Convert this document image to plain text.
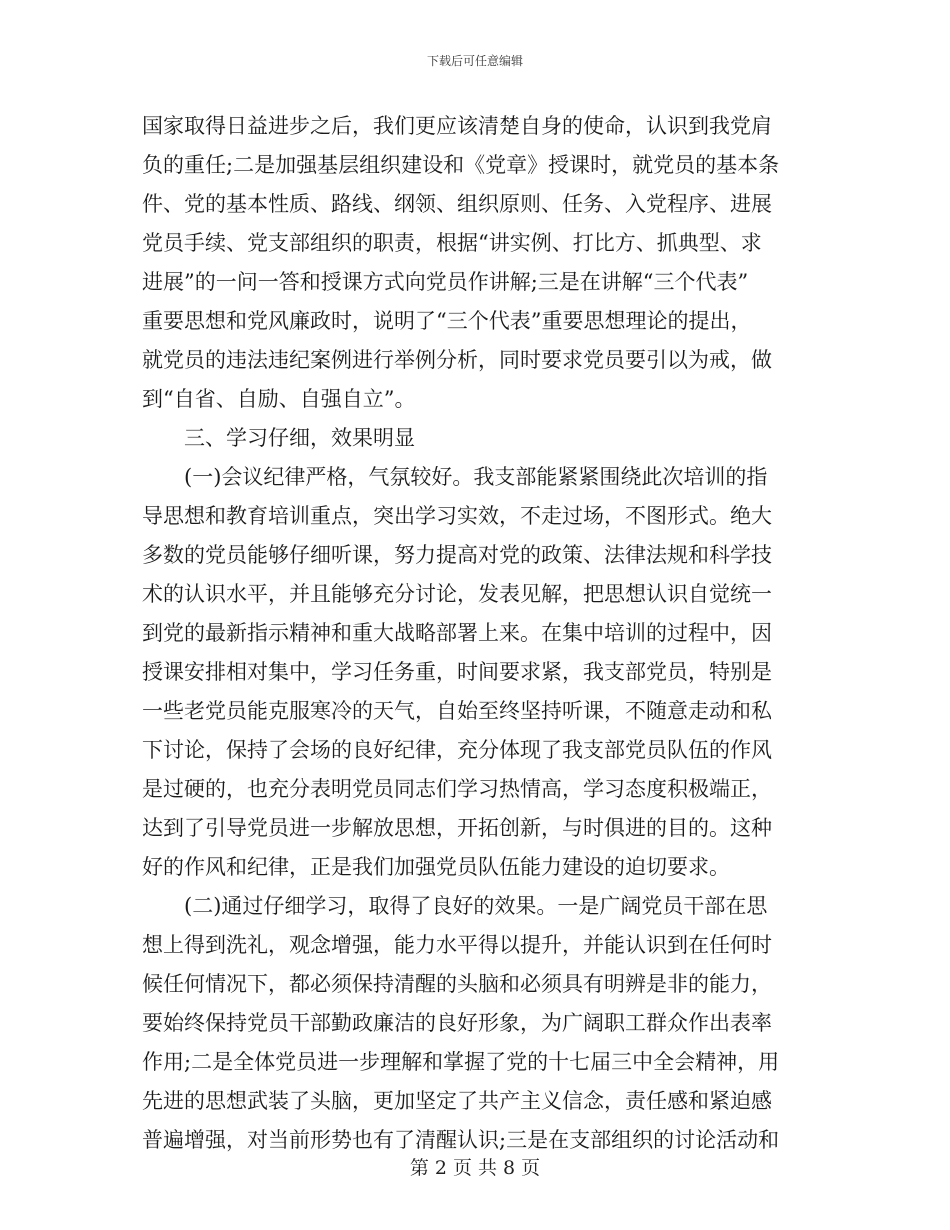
下载后可任意编辑
国家取得日益进步之后，我们更应该清楚自身的使命，认识到我党肩
负的重任;二是加强基层组织建设和《党章》授课时，就党员的基本条
件、党的基本性质、路线、纲领、组织原则、任务、入党程序、进展
党员手续、党支部组织的职责，根据“讲实例、打比方、抓典型、求
进展”的一问一答和授课方式向党员作讲解;三是在讲解“三个代表”
重要思想和党风廉政时，说明了“三个代表”重要思想理论的提出，
就党员的违法违纪案例进行举例分析，同时要求党员要引以为戒，做
到“自省、自励、自强自立”。
三、学习仔细，效果明显
(一)会议纪律严格，气氛较好。我支部能紧紧围绕此次培训的指
导思想和教育培训重点，突出学习实效，不走过场，不图形式。绝大
多数的党员能够仔细听课，努力提高对党的政策、法律法规和科学技
术的认识水平，并且能够充分讨论，发表见解，把思想认识自觉统一
到党的最新指示精神和重大战略部署上来。在集中培训的过程中，因
授课安排相对集中，学习任务重，时间要求紧，我支部党员，特别是
一些老党员能克服寒冷的天气，自始至终坚持听课，不随意走动和私
下讨论，保持了会场的良好纪律，充分体现了我支部党员队伍的作风
是过硬的，也充分表明党员同志们学习热情高，学习态度积极端正，
达到了引导党员进一步解放思想，开拓创新，与时俱进的目的。这种
好的作风和纪律，正是我们加强党员队伍能力建设的迫切要求。
(二)通过仔细学习，取得了良好的效果。一是广阔党员干部在思
想上得到洗礼，观念增强，能力水平得以提升，并能认识到在任何时
候任何情况下，都必须保持清醒的头脑和必须具有明辨是非的能力，
要始终保持党员干部勤政廉洁的良好形象，为广阔职工群众作出表率
作用;二是全体党员进一步理解和掌握了党的十七届三中全会精神，用
先进的思想武装了头脑，更加坚定了共产主义信念，责任感和紧迫感
普遍增强，对当前形势也有了清醒认识;三是在支部组织的讨论活动和
第 2 页 共 8 页
